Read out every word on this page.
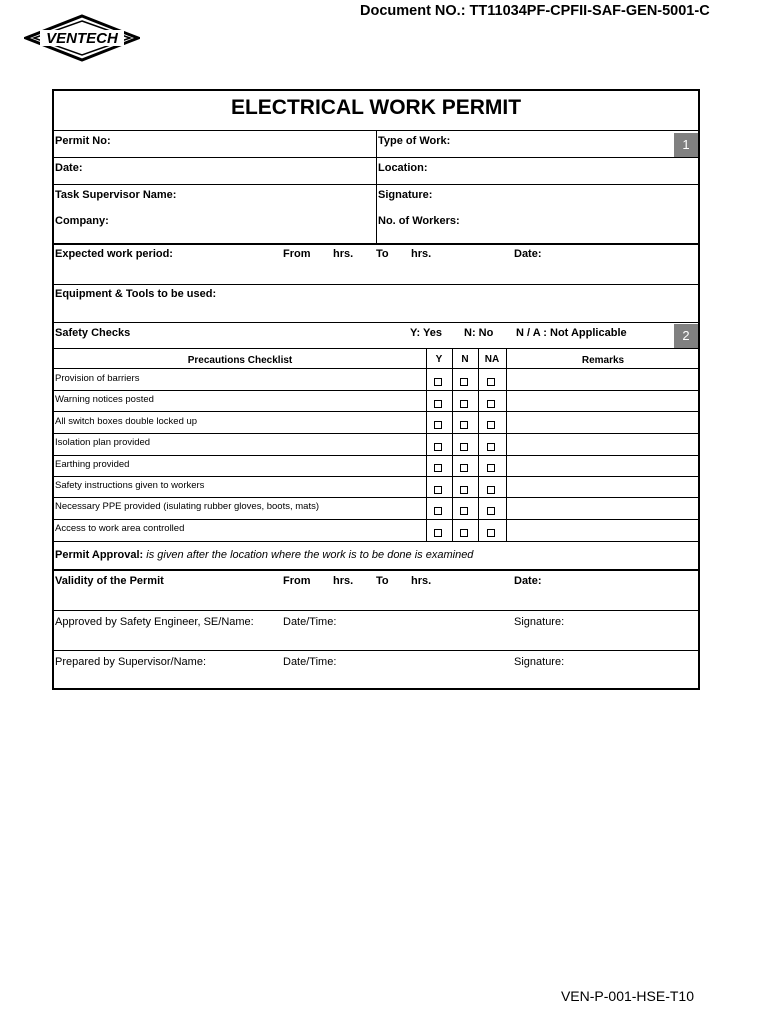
VENTECH
Document NO.: TT11034PF-CPFII-SAF-GEN-5001-C
ELECTRICAL WORK PERMIT
1
Permit No:	Type of Work:
Date:	Location:
Task Supervisor Name:	Signature:
Company:	No. of Workers:
Expected work period:	From hrs. To hrs.	Date:
Equipment & Tools to be used:
2
Safety Checks	Y: Yes N: No N / A : Not Applicable
Precautions Checklist	Y	N	NA	Remarks
Provision of barriers
Warning notices posted
All switch boxes double locked up
Isolation plan provided
Earthing provided
Safety instructions given to workers
Necessary PPE provided (isulating rubber gloves, boots, mats)
Access to work area controlled
Permit Approval: is given after the location where the work is to be done is examined
Validity of the Permit	From hrs. To hrs.	Date:
Approved by Safety Engineer, SE/Name:	Date/Time:	Signature:
Prepared by Supervisor/Name:	Date/Time:	Signature:
VEN-P-001-HSE-T10
